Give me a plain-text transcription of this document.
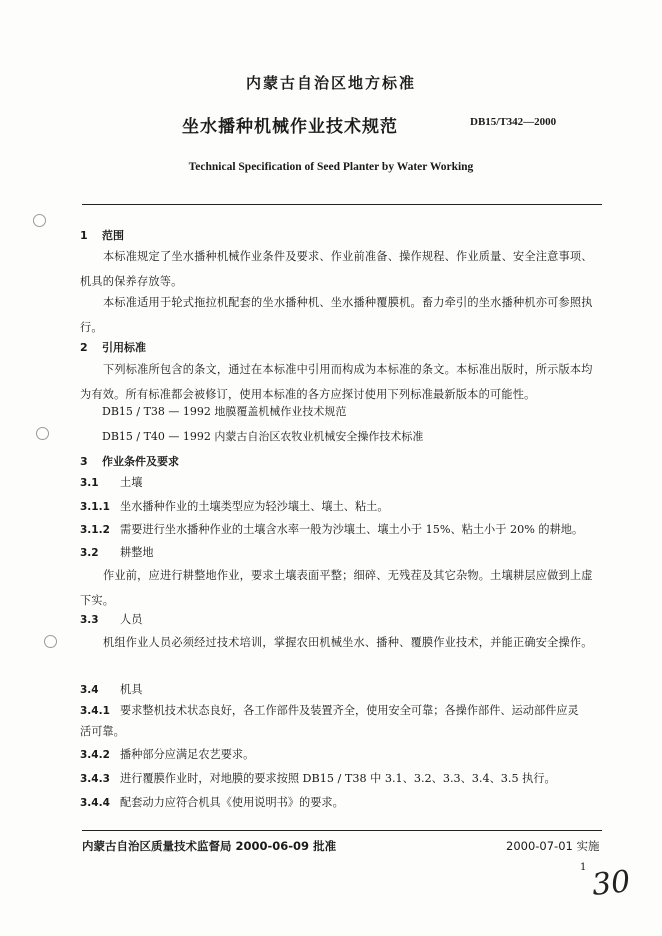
内蒙古自治区地方标准
坐水播种机械作业技术规范	DB15/T342—2000
Technical Specification of Seed Planter by Water Working
1 范围
本标准规定了坐水播种机械作业条件及要求、作业前准备、操作规程、作业质量、安全注意事项、机具的保养存放等。
本标准适用于轮式拖拉机配套的坐水播种机、坐水播种覆膜机。畜力牵引的坐水播种机亦可参照执行。
2 引用标准
下列标准所包含的条文，通过在本标准中引用而构成为本标准的条文。本标准出版时，所示版本均为有效。所有标准都会被修订，使用本标准的各方应探讨使用下列标准最新版本的可能性。
DB15 / T38 — 1992 地膜覆盖机械作业技术规范
DB15 / T40 — 1992 内蒙古自治区农牧业机械安全操作技术标准
3 作业条件及要求
3.1 土壤
3.1.1 坐水播种作业的土壤类型应为轻沙壤土、壤土、粘土。
3.1.2 需要进行坐水播种作业的土壤含水率一般为沙壤土、壤土小于 15%、粘土小于 20% 的耕地。
3.2 耕整地
作业前，应进行耕整地作业，要求土壤表面平整；细碎、无残茬及其它杂物。土壤耕层应做到上虚下实。
3.3 人员
机组作业人员必须经过技术培训，掌握农田机械坐水、播种、覆膜作业技术，并能正确安全操作。
3.4 机具
3.4.1 要求整机技术状态良好，各工作部件及装置齐全，使用安全可靠；各操作部件、运动部件应灵
活可靠。
3.4.2 播种部分应满足农艺要求。
3.4.3 进行覆膜作业时，对地膜的要求按照 DB15 / T38 中 3.1、3.2、3.3、3.4、3.5 执行。
3.4.4 配套动力应符合机具《使用说明书》的要求。
内蒙古自治区质量技术监督局 2000-06-09 批准	2000-07-01 实施
1 30
